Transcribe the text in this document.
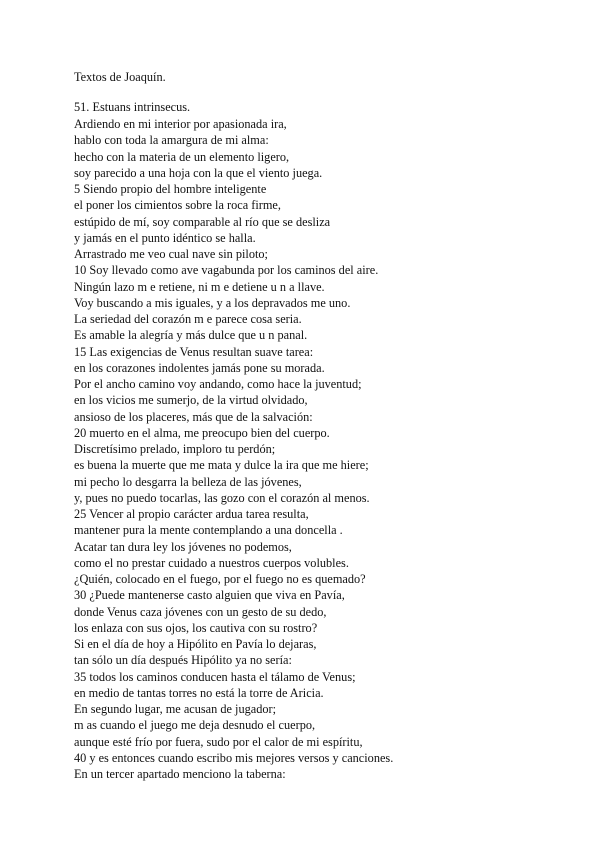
Textos de Joaquín.
51. Estuans intrinsecus.
Ardiendo en mi interior por apasionada ira,
hablo con toda la amargura de mi alma:
hecho con la materia de un elemento ligero,
soy parecido a una hoja con la que el viento juega.
5 Siendo propio del hombre inteligente
el poner los cimientos sobre la roca firme,
estúpido de mí, soy comparable al río que se desliza
y jamás en el punto idéntico se halla.
Arrastrado me veo cual nave sin piloto;
10 Soy llevado como ave vagabunda por los caminos del aire.
Ningún lazo m e retiene, ni m e detiene u n a llave.
Voy buscando a mis iguales, y a los depravados me uno.
La seriedad del corazón m e parece cosa seria.
Es amable la alegría y más dulce que u n panal.
15 Las exigencias de Venus resultan suave tarea:
en los corazones indolentes jamás pone su morada.
Por el ancho camino voy andando, como hace la juventud;
en los vicios me sumerjo, de la virtud olvidado,
ansioso de los placeres, más que de la salvación:
20 muerto en el alma, me preocupo bien del cuerpo.
Discretísimo prelado, imploro tu perdón;
es buena la muerte que me mata y dulce la ira que me hiere;
mi pecho lo desgarra la belleza de las jóvenes,
y, pues no puedo tocarlas, las gozo con el corazón al menos.
25 Vencer al propio carácter ardua tarea resulta,
mantener pura la mente contemplando a una doncella .
Acatar tan dura ley los jóvenes no podemos,
como el no prestar cuidado a nuestros cuerpos volubles.
¿Quién, colocado en el fuego, por el fuego no es quemado?
30 ¿Puede mantenerse casto alguien que viva en Pavía,
donde Venus caza jóvenes con un gesto de su dedo,
los enlaza con sus ojos, los cautiva con su rostro?
Si en el día de hoy a Hipólito en Pavía lo dejaras,
tan sólo un día después Hipólito ya no sería:
35 todos los caminos conducen hasta el tálamo de Venus;
en medio de tantas torres no está la torre de Aricia.
En segundo lugar, me acusan de jugador;
m as cuando el juego me deja desnudo el cuerpo,
aunque esté frío por fuera, sudo por el calor de mi espíritu,
40 y es entonces cuando escribo mis mejores versos y canciones.
En un tercer apartado menciono la taberna:
